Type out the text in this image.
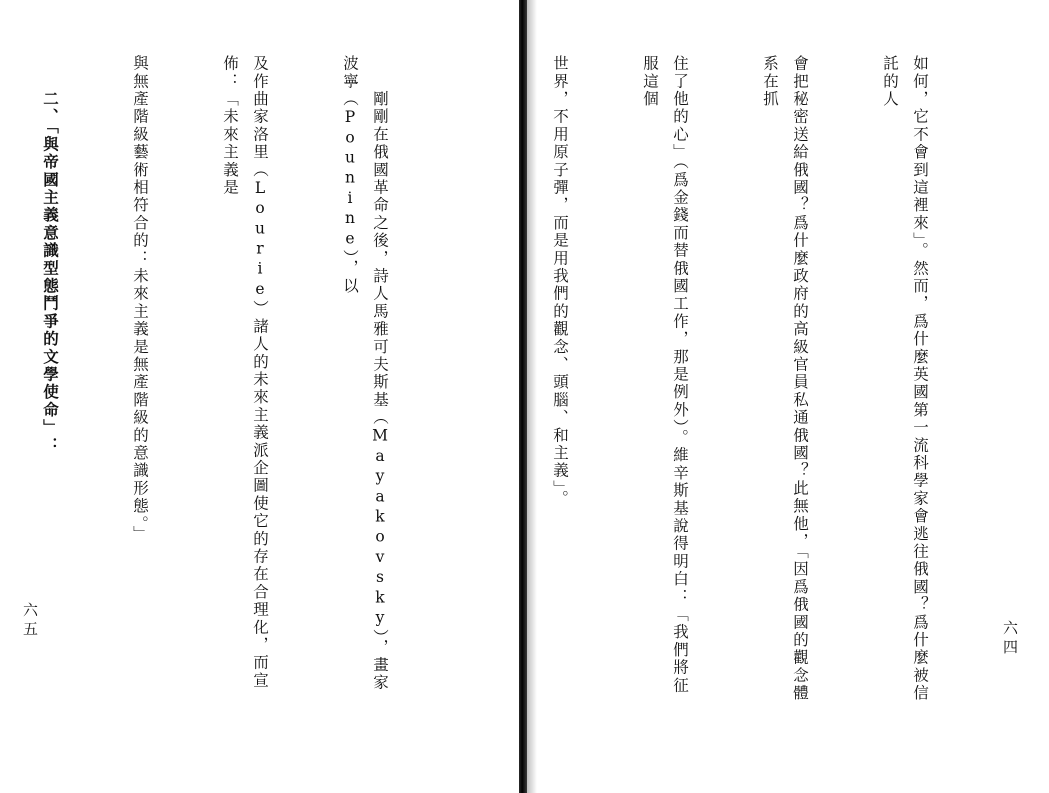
如何，它不會到這裡來」。然而，爲什麼英國第一流科學家會逃往俄國？爲什麼被信託的人

會把秘密送給俄國？爲什麼政府的高級官員私通俄國？此無他，「因爲俄國的觀念體系在抓

住了他的心」（爲金錢而替俄國工作，那是例外）。維辛斯基說得明白：「我們將征服這個

世界，不用原子彈，而是用我們的觀念、頭腦、和主義」。

六四

　　剛剛在俄國革命之後，詩人馬雅可夫斯基（Mayakovsky），畫家波寧（Pounine），以

及作曲家洛里（Lourie）諸人的未來主義派企圖使它的存在合理化，而宣佈：「未來主義是

與無產階級藝術相符合的：未來主義是無產階級的意識形態。」

　　二、「與帝國主義意識型態鬥爭的文學使命」：

六五
